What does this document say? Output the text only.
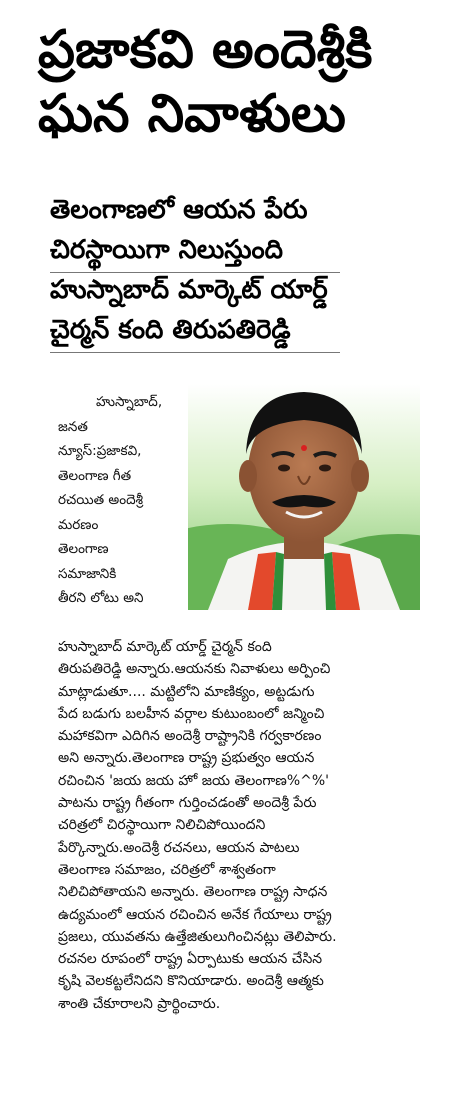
ప్రజాకవి అందెశ్రీకి
ఘన నివాళులు
తెలంగాణలో ఆయన పేరు
చిరస్థాయిగా నిలుస్తుంది
హుస్నాబాద్ మార్కెట్ యార్డ్
చైర్మన్ కంది తిరుపతిరెడ్డి
హుస్నాబాద్,
జనత
న్యూస్:ప్రజాకవి,
తెలంగాణ గీత
రచయిత అందెశ్రీ
మరణం
తెలంగాణ
సమాజానికి
తీరని లోటు అని
హుస్నాబాద్ మార్కెట్ యార్డ్ చైర్మన్ కంది
తిరుపతిరెడ్డి అన్నారు.ఆయనకు నివాళులు అర్పించి
మాట్లాడుతూ.... మట్టిలోని మాణిక్యం, అట్టడుగు
పేద బడుగు బలహీన వర్గాల కుటుంబంలో జన్మించి
మహాకవిగా ఎదిగిన అందెశ్రీ రాష్ట్రానికి గర్వకారణం
అని అన్నారు.తెలంగాణ రాష్ట్ర ప్రభుత్వం ఆయన
రచించిన 'జయ జయ హో జయ తెలంగాణ%^%'
పాటను రాష్ట్ర గీతంగా గుర్తించడంతో అందెశ్రీ పేరు
చరిత్రలో చిరస్థాయిగా నిలిచిపోయిందని
పేర్కొన్నారు.అందెశ్రీ రచనలు, ఆయన పాటలు
తెలంగాణ సమాజం, చరిత్రలో శాశ్వతంగా
నిలిచిపోతాయని అన్నారు. తెలంగాణ రాష్ట్ర సాధన
ఉద్యమంలో ఆయన రచించిన అనేక గేయాలు రాష్ట్ర
ప్రజలు, యువతను ఉత్తేజితులుగించినట్లు తెలిపారు.
రచనల రూపంలో రాష్ట్ర ఏర్పాటుకు ఆయన చేసిన
కృషి వెలకట్టలేనిదని కొనియాడారు. అందెశ్రీ ఆత్మకు
శాంతి చేకూరాలని ప్రార్థించారు.
